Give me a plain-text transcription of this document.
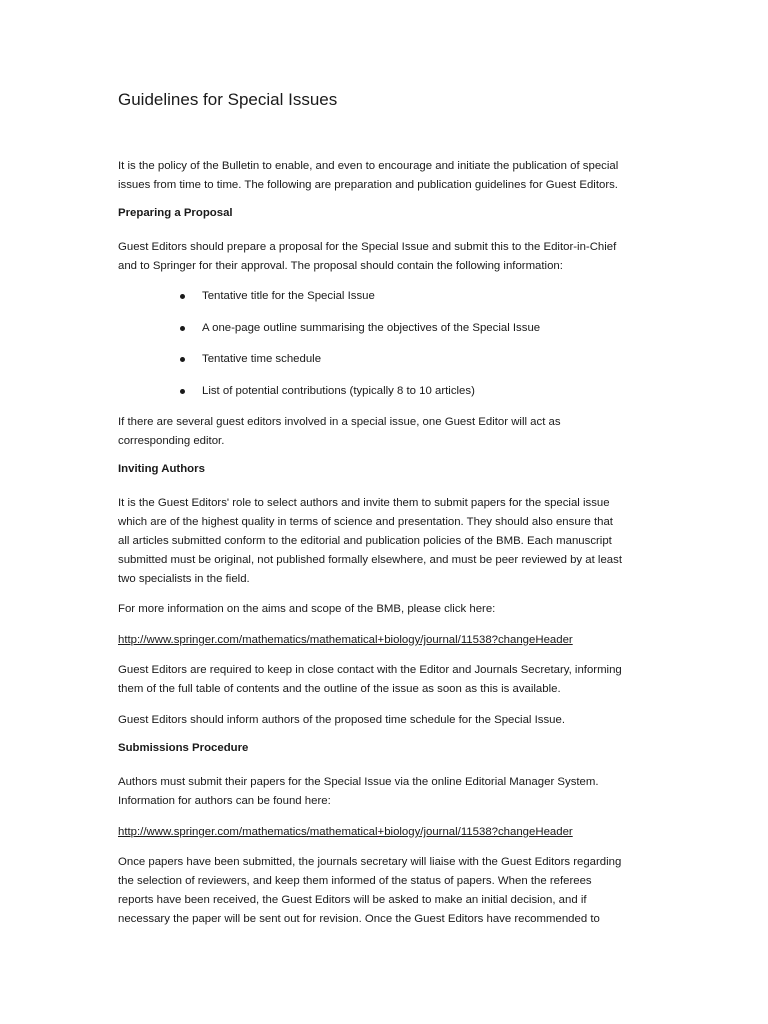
Guidelines for Special Issues

It is the policy of the Bulletin to enable, and even to encourage and initiate the publication of special
issues from time to time. The following are preparation and publication guidelines for Guest Editors.

Preparing a Proposal

Guest Editors should prepare a proposal for the Special Issue and submit this to the Editor-in-Chief
and to Springer for their approval. The proposal should contain the following information:

Tentative title for the Special Issue
A one-page outline summarising the objectives of the Special Issue
Tentative time schedule
List of potential contributions (typically 8 to 10 articles)

If there are several guest editors involved in a special issue, one Guest Editor will act as
corresponding editor.

Inviting Authors

It is the Guest Editors' role to select authors and invite them to submit papers for the special issue
which are of the highest quality in terms of science and presentation. They should also ensure that
all articles submitted conform to the editorial and publication policies of the BMB. Each manuscript
submitted must be original, not published formally elsewhere, and must be peer reviewed by at least
two specialists in the field.

For more information on the aims and scope of the BMB, please click here:

http://www.springer.com/mathematics/mathematical+biology/journal/11538?changeHeader

Guest Editors are required to keep in close contact with the Editor and Journals Secretary, informing
them of the full table of contents and the outline of the issue as soon as this is available.

Guest Editors should inform authors of the proposed time schedule for the Special Issue.

Submissions Procedure

Authors must submit their papers for the Special Issue via the online Editorial Manager System.
Information for authors can be found here:

http://www.springer.com/mathematics/mathematical+biology/journal/11538?changeHeader

Once papers have been submitted, the journals secretary will liaise with the Guest Editors regarding
the selection of reviewers, and keep them informed of the status of papers. When the referees
reports have been received, the Guest Editors will be asked to make an initial decision, and if
necessary the paper will be sent out for revision. Once the Guest Editors have recommended to
